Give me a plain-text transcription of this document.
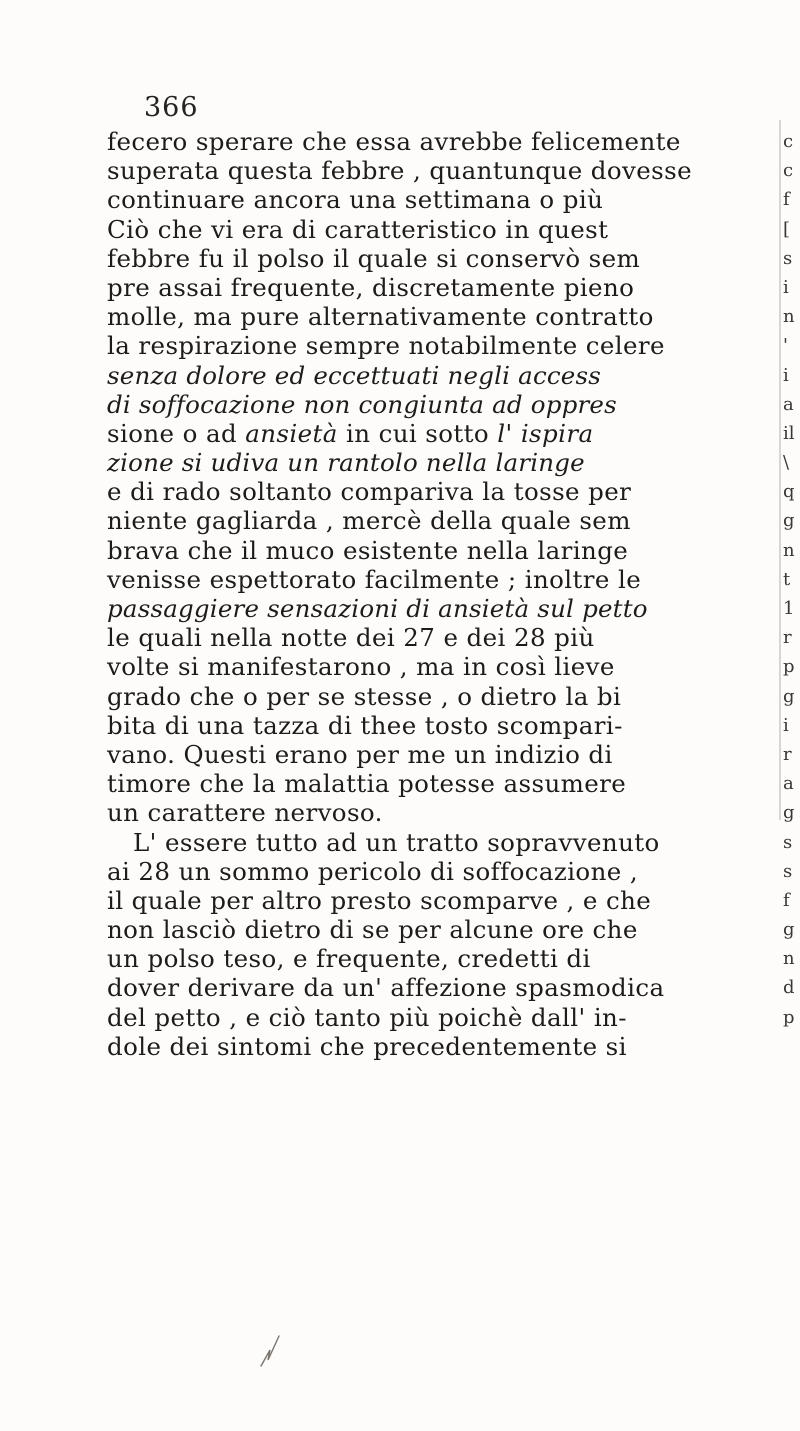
366
fecero sperare che essa avrebbe felicemente
superata questa febbre , quantunque dovesse
continuare ancora una settimana o più
Ciò che vi era di caratteristico in quest
febbre fu il polso il quale si conservò sem
pre assai frequente, discretamente pieno
molle, ma pure alternativamente contratto
la respirazione sempre notabilmente celere
senza dolore ed eccettuati negli access
di soffocazione non congiunta ad oppres
sione o ad ansietà in cui sotto l' ispira
zione si udiva un rantolo nella laringe
e di rado soltanto compariva la tosse per
niente gagliarda , mercè della quale sem
brava che il muco esistente nella laringe
venisse espettorato facilmente ; inoltre le
passaggiere sensazioni di ansietà sul petto
le quali nella notte dei 27 e dei 28 più
volte si manifestarono , ma in così lieve
grado che o per se stesse , o dietro la bi
bita di una tazza di thee tosto scompari-
vano. Questi erano per me un indizio di
timore che la malattia potesse assumere
un carattere nervoso.
L' essere tutto ad un tratto sopravvenuto
ai 28 un sommo pericolo di soffocazione ,
il quale per altro presto scomparve , e che
non lasciò dietro di se per alcune ore che
un polso teso, e frequente, credetti di
dover derivare da un' affezione spasmodica
del petto , e ciò tanto più poichè dall' in-
dole dei sintomi che precedentemente si
c
c
f
[
s
i
n
'
i
a
il
\
q
g
n
t
1
r
p
g
i
r
a
g
s
s
f
g
n
d
p
